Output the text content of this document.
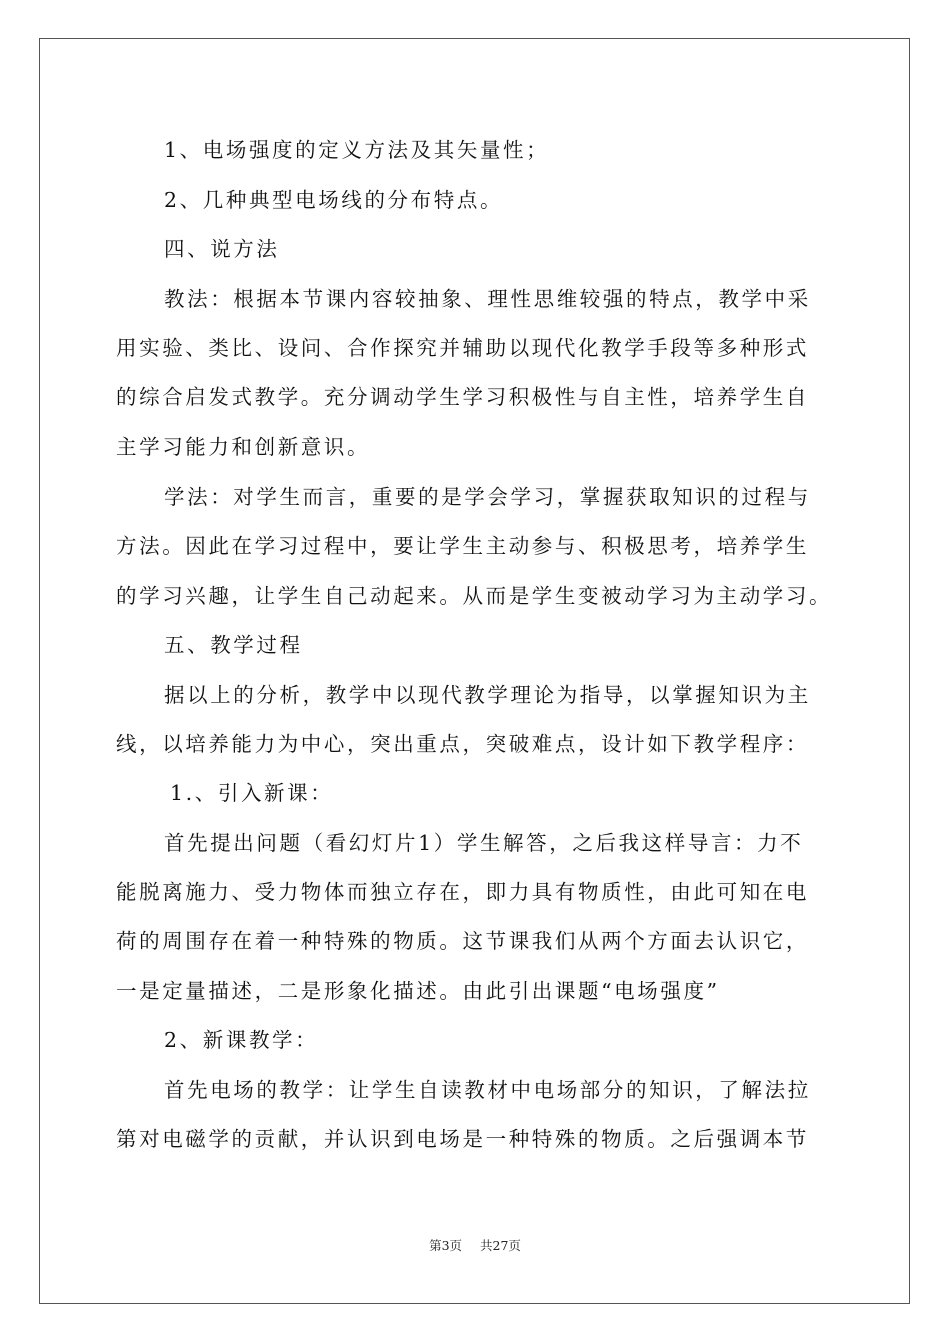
1、电场强度的定义方法及其矢量性；
2、几种典型电场线的分布特点。
四、说方法
教法：根据本节课内容较抽象、理性思维较强的特点，教学中采
用实验、类比、设问、合作探究并辅助以现代化教学手段等多种形式
的综合启发式教学。充分调动学生学习积极性与自主性，培养学生自
主学习能力和创新意识。
学法：对学生而言，重要的是学会学习，掌握获取知识的过程与
方法。因此在学习过程中，要让学生主动参与、积极思考，培养学生
的学习兴趣，让学生自己动起来。从而是学生变被动学习为主动学习。
五、教学过程
据以上的分析，教学中以现代教学理论为指导，以掌握知识为主
线，以培养能力为中心，突出重点，突破难点，设计如下教学程序：
1.、引入新课：
首先提出问题（看幻灯片1）学生解答，之后我这样导言：力不
能脱离施力、受力物体而独立存在，即力具有物质性，由此可知在电
荷的周围存在着一种特殊的物质。这节课我们从两个方面去认识它，
一是定量描述，二是形象化描述。由此引出课题“电场强度”
2、新课教学：
首先电场的教学：让学生自读教材中电场部分的知识，了解法拉
第对电磁学的贡献，并认识到电场是一种特殊的物质。之后强调本节
第3页 共27页
